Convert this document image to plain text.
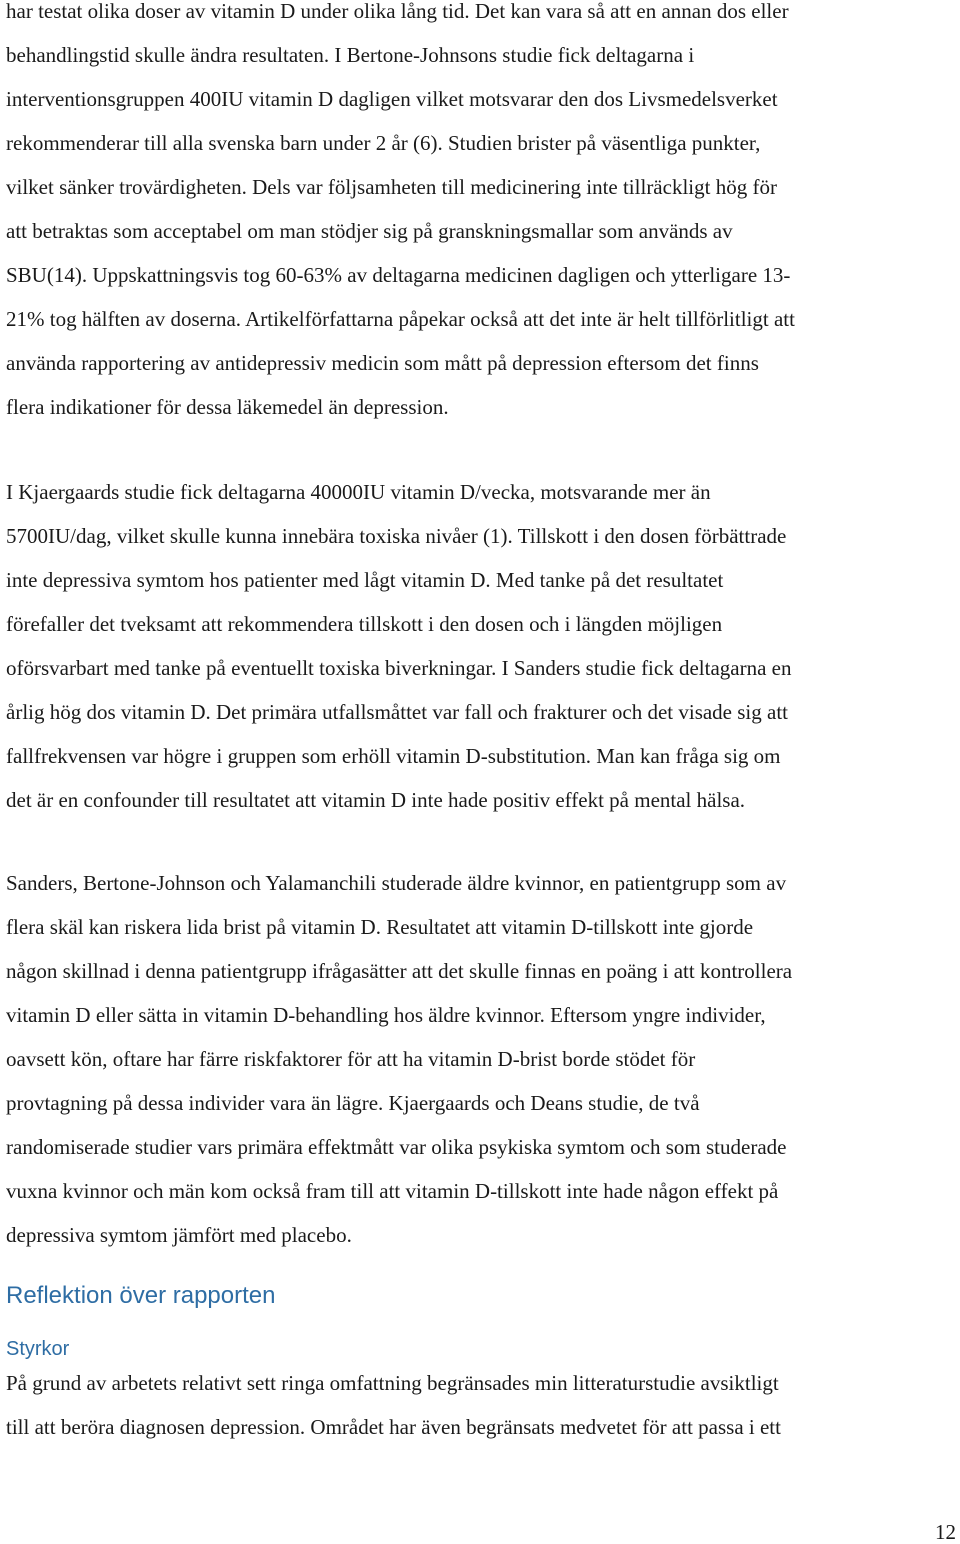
har testat olika doser av vitamin D under olika lång tid. Det kan vara så att en annan dos eller
behandlingstid skulle ändra resultaten. I Bertone-Johnsons studie fick deltagarna i
interventionsgruppen 400IU vitamin D dagligen vilket motsvarar den dos Livsmedelsverket
rekommenderar till alla svenska barn under 2 år (6). Studien brister på väsentliga punkter,
vilket sänker trovärdigheten. Dels var följsamheten till medicinering inte tillräckligt hög för
att betraktas som acceptabel om man stödjer sig på granskningsmallar som används av
SBU(14). Uppskattningsvis tog 60-63% av deltagarna medicinen dagligen och ytterligare 13-
21% tog hälften av doserna. Artikelförfattarna påpekar också att det inte är helt tillförlitligt att
använda rapportering av antidepressiv medicin som mått på depression eftersom det finns
flera indikationer för dessa läkemedel än depression.

I Kjaergaards studie fick deltagarna 40000IU vitamin D/vecka, motsvarande mer än
5700IU/dag, vilket skulle kunna innebära toxiska nivåer (1). Tillskott i den dosen förbättrade
inte depressiva symtom hos patienter med lågt vitamin D. Med tanke på det resultatet
förefaller det tveksamt att rekommendera tillskott i den dosen och i längden möjligen
oförsvarbart med tanke på eventuellt toxiska biverkningar. I Sanders studie fick deltagarna en
årlig hög dos vitamin D. Det primära utfallsmåttet var fall och frakturer och det visade sig att
fallfrekvensen var högre i gruppen som erhöll vitamin D-substitution. Man kan fråga sig om
det är en confounder till resultatet att vitamin D inte hade positiv effekt på mental hälsa.

Sanders, Bertone-Johnson och Yalamanchili studerade äldre kvinnor, en patientgrupp som av
flera skäl kan riskera lida brist på vitamin D. Resultatet att vitamin D-tillskott inte gjorde
någon skillnad i denna patientgrupp ifrågasätter att det skulle finnas en poäng i att kontrollera
vitamin D eller sätta in vitamin D-behandling hos äldre kvinnor. Eftersom yngre individer,
oavsett kön, oftare har färre riskfaktorer för att ha vitamin D-brist borde stödet för
provtagning på dessa individer vara än lägre. Kjaergaards och Deans studie, de två
randomiserade studier vars primära effektmått var olika psykiska symtom och som studerade
vuxna kvinnor och män kom också fram till att vitamin D-tillskott inte hade någon effekt på
depressiva symtom jämfört med placebo.

Reflektion över rapporten
Styrkor

På grund av arbetets relativt sett ringa omfattning begränsades min litteraturstudie avsiktligt
till att beröra diagnosen depression. Området har även begränsats medvetet för att passa i ett

12
